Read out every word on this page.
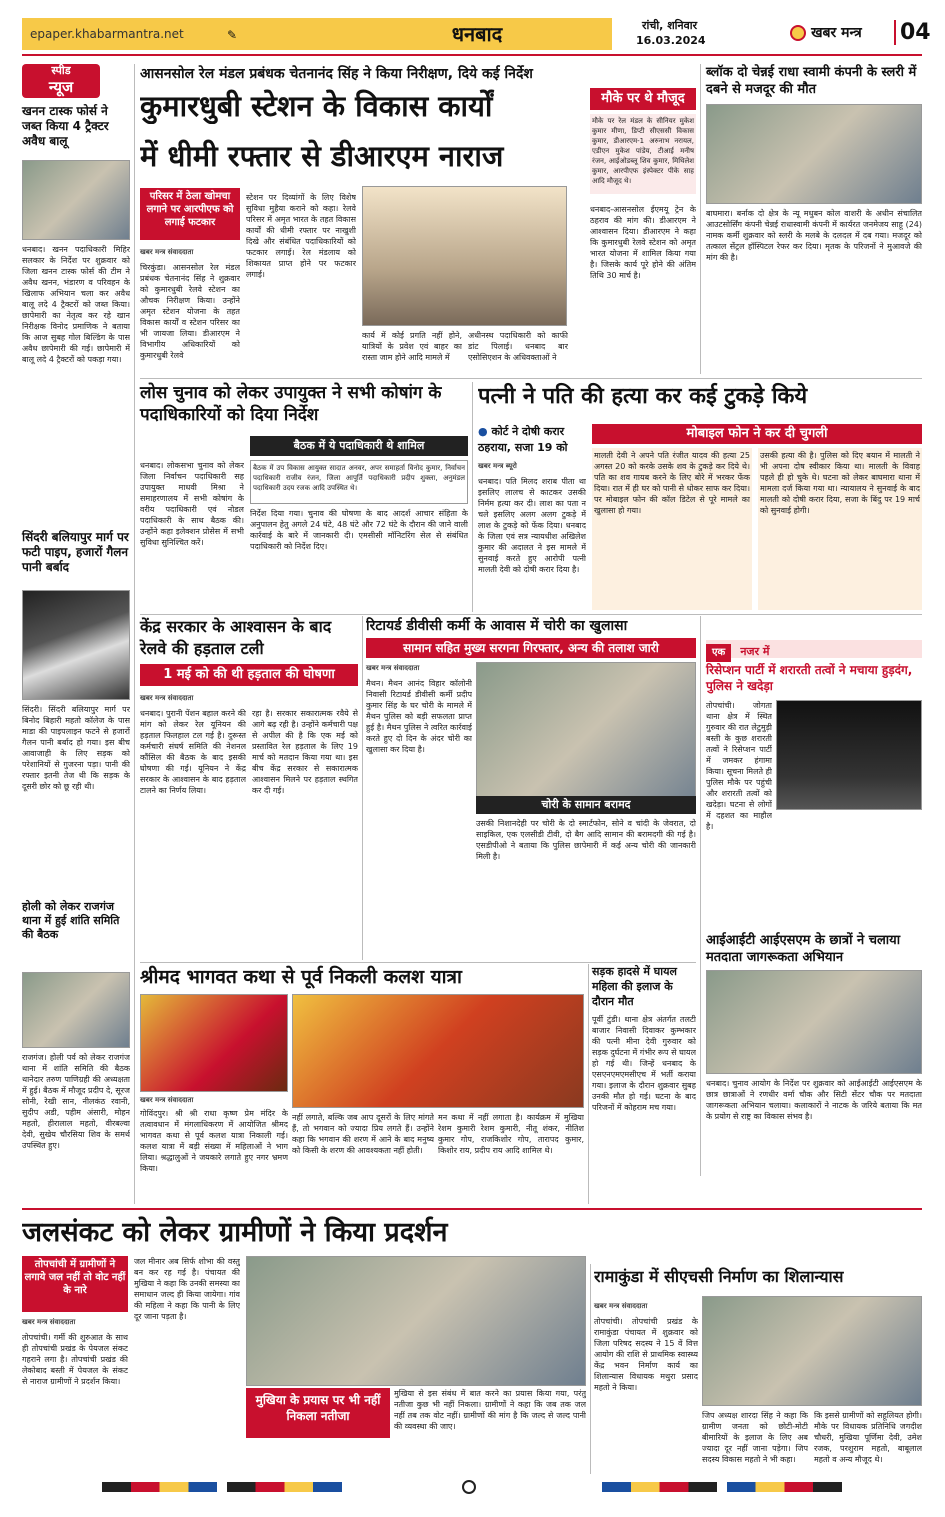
epaper.khabarmantra.net	✎	धनबाद	रांची, शनिवार
16.03.2024	खबर मन्त्र	04
स्पीड
न्यूज
खनन टास्क फोर्स ने जब्त किया 4 ट्रैक्टर अवैध बालू
धनबाद। खनन पदाधिकारी मिहिर सलकार के निर्देश पर शुक्रवार को जिला खनन टास्क फोर्स की टीम ने अवैध खनन, भंडारण व परिवहन के खिलाफ अभियान चला कर अवैध बालू लदे 4 ट्रैक्टरों को जब्त किया। छापेमारी का नेतृत्व कर रहे खान निरीक्षक विनोद प्रमाणिक ने बताया कि आज सुबह गोल बिल्डिंग के पास अवैध छापेमारी की गई। छापेमारी में बालू लदे 4 ट्रैक्टरों को पकड़ा गया।
सिंदरी बलियापुर मार्ग पर फटी पाइप, हजारों गैलन पानी बर्बाद
सिंदरी। सिंदरी बलियापुर मार्ग पर बिनोद बिहारी महतो कॉलेज के पास माडा की पाइपलाइन फटने से हजारों गैलन पानी बर्बाद हो गया। इस बीच आवाजाही के लिए सड़क को परेशानियों से गुजरना पड़ा। पानी की रफ्तार इतनी तेज थी कि सड़क के दूसरी छोर को छू रही थी।
होली को लेकर राजगंज थाना में हुई शांति समिति की बैठक
राजगंज। होली पर्व को लेकर राजगंज थाना में शांति समिति की बैठक थानेदार तरुण पाणिग्रही की अध्यक्षता में हुई। बैठक में मौजूद प्रदीप दे, सूरज सोनी, रेखी सान, नीलकंठ रवानी, सुदीप अडी, पहीम अंसारी, मोहन महतो, हीरालाल महतो, वीरबल्वा देवी, सुखेय चौरसिया शिव के समर्थ उपस्थित हुए।
आसनसोल रेल मंडल प्रबंधक चेतनानंद सिंह ने किया निरीक्षण, दिये कई निर्देश
कुमारधुबी स्टेशन के विकास कार्यों
में धीमी रफ्तार से डीआरएम नाराज
परिसर में ठेला खोमचा लगाने पर आरपीएफ को लगाई फटकार
खबर मन्त्र संवाददाता
चिरकुंडा। आसनसोल रेल मंडल प्रबंधक चेतनानंद सिंह ने शुक्रवार को कुमारधुबी रेलवे स्टेशन का औचक निरीक्षण किया। उन्होंने अमृत स्टेशन योजना के तहत विकास कार्यों व स्टेशन परिसर का भी जायजा लिया। डीआरएम ने विभागीय अधिकारियों को कुमारधुबी रेलवे
स्टेशन पर दिव्यांगों के लिए विशेष सुविधा मुहैया कराने को कहा। रेलवे परिसर में अमृत भारत के तहत विकास कार्यों की धीमी रफ्तार पर नाखुशी दिखे और संबंधित पदाधिकारियों को फटकार लगाई। रेल मंडलाय को शिकायत प्राप्त होने पर फटकार लगाई।
कार्य में कोई प्रगति नहीं होने, यात्रियों के प्रवेश एवं बाहर का रास्ता जाम होने आदि मामले में
अधीनस्थ पदाधिकारी को काफी डांट पिलाई। धनबाद बार एसोसिएशन के अधिवक्ताओं ने
मौके पर थे मौजूद
मौके पर रेल मंडल के सीनियर मुकेश कुमार मीणा, डिप्टी सीएससी विकास कुमार, डीआरएम-1 अरुनाभ नरायल, एडीएन मुकेश पांडेय, टीआई मनीष रंजन, आईओडब्लू शिव कुमार, मिथिलेश कुमार, आरपीएफ इंस्पेक्टर पीके साह आदि मौजूद थे।
धनबाद-आसनसोल ईएमयू ट्रेन के ठहराव की मांग की। डीआरएम ने आश्वासन दिया। डीआरएम ने कहा कि कुमारधुबी रेलवे स्टेशन को अमृत भारत योजना में शामिल किया गया है। जिसके कार्य पूरे होने की अंतिम तिथि 30 मार्च है।
ब्लॉक दो चेन्नई राधा स्वामी कंपनी के स्लरी में दबने से मजदूर की मौत
बाघमारा। बर्नाक दो क्षेत्र के न्यू मधुबन कोल वाशरी के अधीन संचालित आउटसोर्सिंग कंपनी चेन्नई राधास्वामी कंपनी में कार्यरत जनमेजय साहू (24) नामक कर्मी शुक्रवार को स्लरी के मलबे के दलदल में दब गया। मजदूर को तत्काल सेंट्रल हॉस्पिटल रेफर कर दिया। मृतक के परिजनों ने मुआवजे की मांग की है।
लोस चुनाव को लेकर उपायुक्त ने सभी कोषांग के पदाधिकारियों को दिया निर्देश
बैठक में ये पदाधिकारी थे शामिल
बैठक में उप विकास आयुक्त सादात अनवर, अपर समाहर्ता विनोद कुमार, निर्वाचन पदाधिकारी राजीव रंजन, जिला आपूर्ति पदाधिकारी प्रदीप शुक्ला, अनुमंडल पदाधिकारी उदय रजक आदि उपस्थित थे।
धनबाद। लोकसभा चुनाव को लेकर जिला निर्वाचन पदाधिकारी सह उपायुक्त माधवी मिश्रा ने समाहरणालय में सभी कोषांग के वरीय पदाधिकारी एवं नोडल पदाधिकारी के साथ बैठक की। उन्होंने कहा इलेक्शन प्रोसेस में सभी सुविधा सुनिश्चित करें।
निर्देश दिया गया। चुनाव की घोषणा के बाद आदर्श आचार संहिता के अनुपालन हेतु अगले 24 घंटे, 48 घंटे और 72 घंटे के दौरान की जाने वाली कार्रवाई के बारे में जानकारी दी। एमसीसी मॉनिटरिंग सेल से संबंधित पदाधिकारी को निर्देश दिए।
पत्नी ने पति की हत्या कर कई टुकड़े किये
● कोर्ट ने दोषी करार
ठहराया, सजा 19 को
मोबाइल फोन ने कर दी चुगली
खबर मन्त्र ब्यूरो
धनबाद। पति मिलद शराब पीता था इसलिए लालच से काटकर उसकी निर्मम हत्या कर दी। लाश का पता न चले इसलिए अलग अलग टुकड़े में लाश के टुकड़े को फेंक दिया। धनबाद के जिला एवं सत्र न्यायधीश अखिलेश कुमार की अदालत ने इस मामले में सुनवाई करते हुए आरोपी पत्नी मालती देवी को दोषी करार दिया है।
मालती देवी ने अपने पति रंजीत यादव की हत्या 25 अगस्त 20 को करके उसके शव के टुकड़े कर दिये थे। पति का शव गायब करने के लिए बोरे में भरकर फेंक दिया। रात में ही घर को पानी से धोकर साफ कर दिया। पर मोबाइल फोन की कॉल डिटेल से पूरे मामले का खुलासा हो गया।
उसकी हत्या की है। पुलिस को दिए बयान में मालती ने भी अपना दोष स्वीकार किया था। मालती के विवाह पहले ही हो चुके थे। घटना को लेकर बाघमारा थाना में मामला दर्ज किया गया था। न्यायालय ने सुनवाई के बाद मालती को दोषी करार दिया, सजा के बिंदु पर 19 मार्च को सुनवाई होगी।
केंद्र सरकार के आश्वासन के बाद रेलवे की हड़ताल टली
1 मई को की थी हड़ताल की घोषणा
खबर मन्त्र संवाददाता
धनबाद। पुरानी पेंशन बहाल करने की मांग को लेकर रेल यूनियन की हड़ताल फिलहाल टल गई है। दुरूस्त कर्मचारी संघर्ष समिति की नेशनल कौंसिल की बैठक के बाद इसकी घोषणा की गई। यूनियन ने केंद्र सरकार के आश्वासन के बाद हड़ताल टालने का निर्णय लिया।
रहा है। सरकार सकारात्मक रवैये से आगे बढ़ रही है। उन्होंने कर्मचारी पक्ष से अपील की है कि एक मई को प्रस्तावित रेल हड़ताल के लिए 19 मार्च को मतदान किया गया था। इस बीच केंद्र सरकार से सकारात्मक आश्वासन मिलने पर हड़ताल स्थगित कर दी गई।
रिटायर्ड डीवीसी कर्मी के आवास में चोरी का खुलासा
सामान सहित मुख्य सरगना गिरफ्तार, अन्य की तलाश जारी
खबर मन्त्र संवाददाता
मैथन। मैथन आनंद विहार कॉलोनी निवासी रिटायर्ड डीवीसी कर्मी प्रदीप कुमार सिंह के घर चोरी के मामले में मैथन पुलिस को बड़ी सफलता प्राप्त हुई है। मैथन पुलिस ने त्वरित कार्रवाई करते हुए दो दिन के अंदर चोरी का खुलासा कर दिया है।
चोरी के सामान बरामद
उसकी निशानदेही पर चोरी के दो स्मार्टफोन, सोने व चांदी के जेवरात, दो साइकिल, एक एलसीडी टीवी, दो बैग आदि सामान की बरामदगी की गई है। एसडीपीओ ने बताया कि पुलिस छापेमारी में कई अन्य चोरी की जानकारी मिली है।
एक नजर में
रिसेप्शन पार्टी में शरारती तत्वों ने मचाया हुड़दंग, पुलिस ने खदेड़ा
तोपचांची। जोगता थाना क्षेत्र में स्थित गुरुवार की रात लेटुमुड़ी बस्ती के कुछ शरारती तत्वों ने रिसेप्शन पार्टी में जमकर हंगामा किया। सूचना मिलते ही पुलिस मौके पर पहुंची और शरारती तत्वों को खदेड़ा। घटना से लोगों में दहशत का माहौल है।
आईआईटी आईएसएम के छात्रों ने चलाया मतदाता जागरूकता अभियान
धनबाद। चुनाव आयोग के निर्देश पर शुक्रवार को आईआईटी आईएसएम के छात्र छात्राओं ने रणधीर वर्मा चौक और सिटी सेंटर चौक पर मतदाता जागरूकता अभियान चलाया। कलाकारों ने नाटक के जरिये बताया कि मत के प्रयोग से राष्ट्र का विकास संभव है।
श्रीमद भागवत कथा से पूर्व निकली कलश यात्रा
खबर मन्त्र संवाददाता
गोविंदपुर। श्री श्री राधा कृष्ण प्रेम मंदिर के तत्वावधान में मंगलाधिकरण में आयोजित श्रीमद भागवत कथा से पूर्व कलश यात्रा निकाली गई। कलश यात्रा में बड़ी संख्या में महिलाओं ने भाग लिया। श्रद्धालुओं ने जयकारे लगाते हुए नगर भ्रमण किया।
नहीं लगाते, बल्कि जब आप दूसरों के लिए मांगते हैं, तो भगवान को ज्यादा प्रिय लगते हैं। उन्होंने कहा कि भगवान की शरण में आने के बाद मनुष्य को किसी के शरण की आवश्यकता नहीं होती।
मन कथा में नहीं लगाता है। कार्यक्रम में मुखिया रेशम कुमारी रेशम कुमारी, नीतू शंकर, नीतिश कुमार गोप, राजकिशोर गोप, तारापद कुमार, किशोर राय, प्रदीप राय आदि शामिल थे।
सड़क हादसे में घायल महिला की इलाज के दौरान मौत
पूर्वी टुंडी। थाना क्षेत्र अंतर्गत तलटी बाजार निवासी दिवाकर कुम्भकार की पत्नी मीना देवी गुरुवार को सड़क दुर्घटना में गंभीर रूप से घायल हो गई थी। जिन्हें धनबाद के एसएनएमएमसीएच में भर्ती कराया गया। इलाज के दौरान शुक्रवार सुबह उनकी मौत हो गई। घटना के बाद परिजनों में कोहराम मच गया।
जलसंकट को लेकर ग्रामीणों ने किया प्रदर्शन
तोपचांची में ग्रामीणों ने लगाये जल नहीं तो वोट नहीं के नारे
खबर मन्त्र संवाददाता
तोपचांची। गर्मी की शुरुआत के साथ ही तोपचांची प्रखंड के पेयजल संकट गहराने लगा है। तोपचांची प्रखंड की लेकोबाद बस्ती में पेयजल के संकट से नाराज ग्रामीणों ने प्रदर्शन किया।
जल मीनार अब सिर्फ शोभा की वस्तु बन कर रह गई है। पंचायत की मुखिया ने कहा कि उनकी समस्या का समाधान जल्द ही किया जायेगा। गांव की महिला ने कहा कि पानी के लिए दूर जाना पड़ता है।
मुखिया के प्रयास पर भी नहीं निकला नतीजा
मुखिया से इस संबंध में बात करने का प्रयास किया गया, परंतु नतीजा कुछ भी नहीं निकला। ग्रामीणों ने कहा कि जब तक जल नहीं तब तक वोट नहीं। ग्रामीणों की मांग है कि जल्द से जल्द पानी की व्यवस्था की जाए।
रामाकुंडा में सीएचसी निर्माण का शिलान्यास
खबर मन्त्र संवाददाता
तोपचांची। तोपचांची प्रखंड के रामाकुंडा पंचायत में शुक्रवार को जिला परिषद सदस्य ने 15 वें वित्त आयोग की राशि से प्राथमिक स्वास्थ्य केंद्र भवन निर्माण कार्य का शिलान्यास विधायक मथुरा प्रसाद महतो ने किया।
जिप अध्यक्ष शारदा सिंह ने कहा कि ग्रामीण जनता को छोटी-मोटी बीमारियों के इलाज के लिए अब ज्यादा दूर नहीं जाना पड़ेगा। जिप सदस्य विकास महतो ने भी कहा।
कि इससे ग्रामीणों को सहूलियत होगी। मौके पर विधायक प्रतिनिधि जगदीश चौधरी, मुखिया पूर्णिमा देवी, उमेश रजक, परशुराम महतो, बाबूलाल महतो व अन्य मौजूद थे।
